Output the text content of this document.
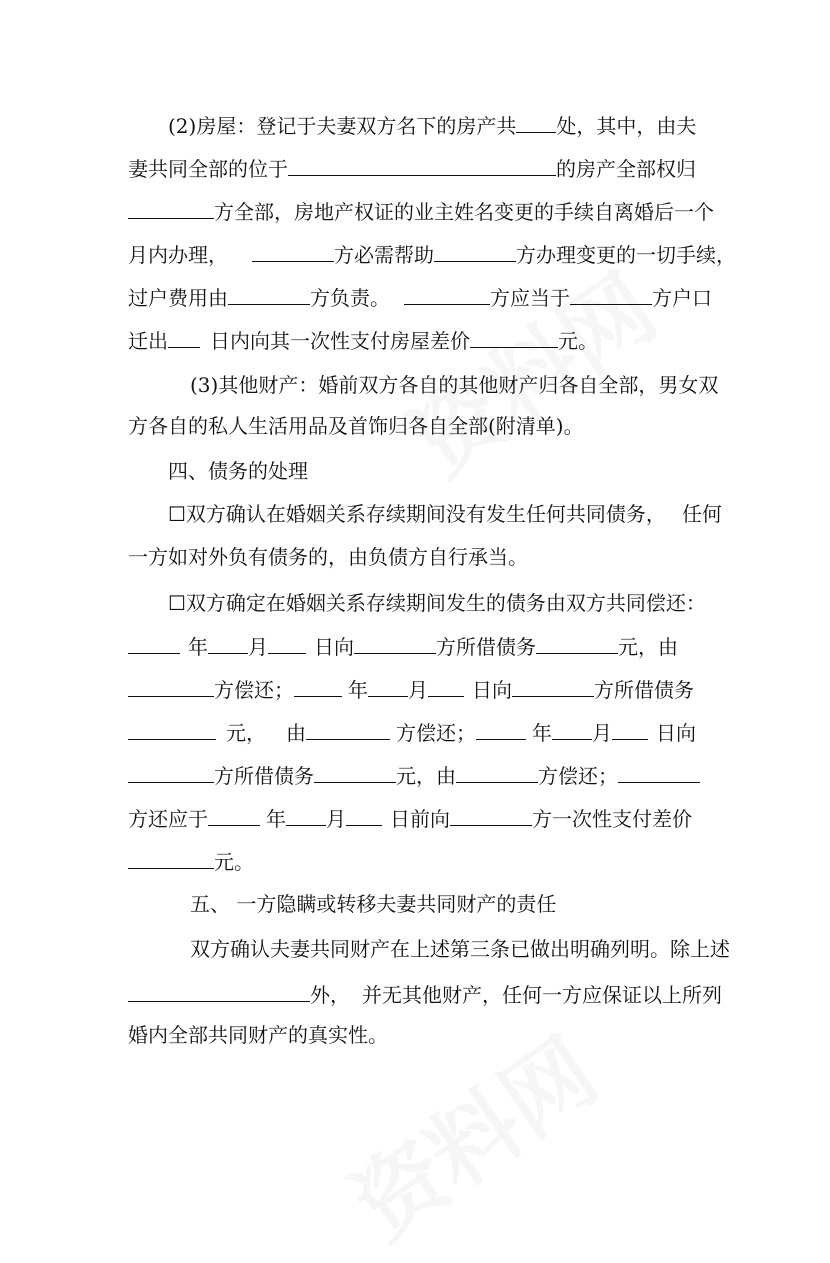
(2)房屋：登记于夫妻双方名下的房产共 处，其中，由夫
妻共同全部的位于	的房产全部权归
方全部，房地产权证的业主姓名变更的手续自离婚后一个
月内办理，	方必需帮助	方办理变更的一切手续，
过户费用由	方负责。	方应当于	方户口
迁出 日内向其一次性支付房屋差价	元。
(3)其他财产：婚前双方各自的其他财产归各自全部，男女双
方各自的私人生活用品及首饰归各自全部(附清单)。
四、债务的处理
☐双方确认在婚姻关系存续期间没有发生任何共同债务， 任何
一方如对外负有债务的，由负债方自行承当。
☐双方确定在婚姻关系存续期间发生的债务由双方共同偿还：
年 月 日向	方所借债务	元，由
方偿还；	年 月 日向	方所借债务
元， 由	方偿还；	年 月 日向
方所借债务	元，由	方偿还；
方还应于	年 月 日前向	方一次性支付差价
元。
五、 一方隐瞒或转移夫妻共同财产的责任
双方确认夫妻共同财产在上述第三条已做出明确列明。除上述
外， 并无其他财产，任何一方应保证以上所列
婚内全部共同财产的真实性。
